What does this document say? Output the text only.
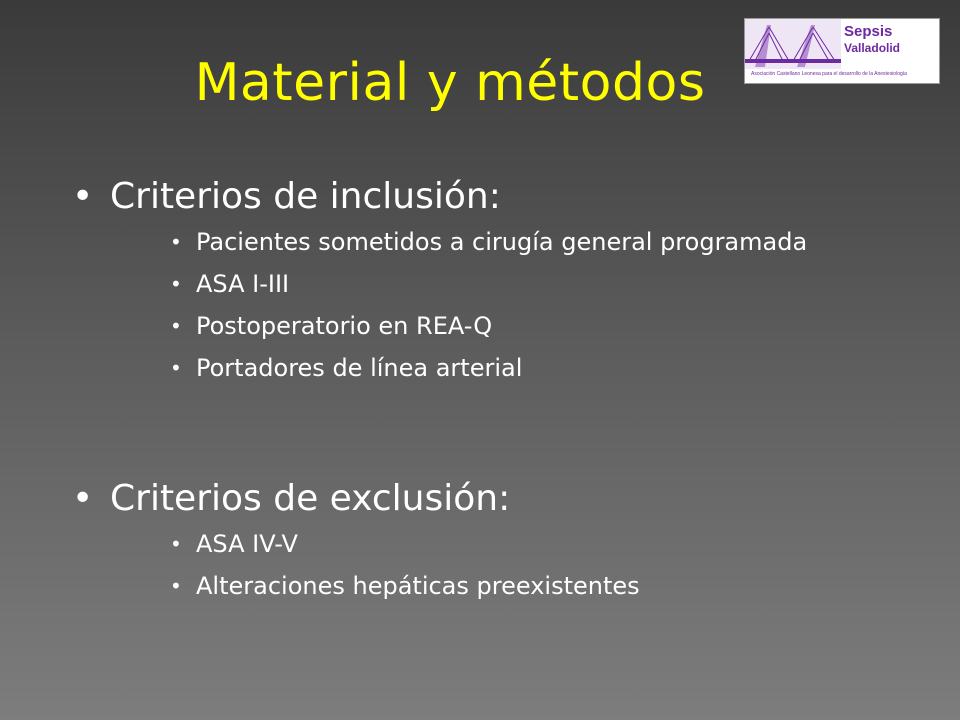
Material y métodos
Sepsis
Valladolid
Asociación Castellano Leonesa para el desarrollo de la Anestesiología
• Criterios de inclusión:
• Pacientes sometidos a cirugía general programada
• ASA I-III
• Postoperatorio en REA-Q
• Portadores de línea arterial
• Criterios de exclusión:
• ASA IV-V
• Alteraciones hepáticas preexistentes
